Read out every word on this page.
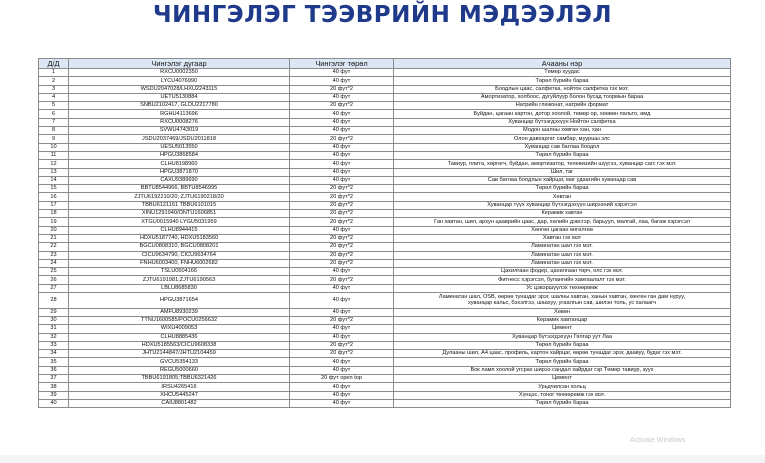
ЧИНГЭЛЭГ ТЭЭВРИЙН МЭДЭЭЛЭЛ
Д/Д	Чингэлэг дугаар	Чингэлэг төрөл	Ачааны нэр
1	RXCU0002350	40 фут	Төмөр хуудас
2	LYCU4076990	40 фут	Төрөл бүрийн бараа
3	WSDU2047028/LHXU2243115	20 фут*2	Боодлын цаас, салфетка, нойтон салфетка гэх мэт.
4	UETU5130884	40 фут	Амортизатор, холбоос, дугуйлуур болон бусад тоормын бараа
5	SNBU2102417, GLDU2217780	20 фут*2	Натрийн глюконат, натрийн формат
6	RGHU4113696	40 фут	Буйдан, цагаан картон, дотор хоолой, төмөр ор, хөөвөн пальто, өмд
7	RXCU0008276	40 фут	Хуванцар бүтээгдэхүүн Нойтон салфетка
8	SVWU4743019	40 фут	Модон шалны хөвгөн хан, хан
9	JSDU2037469/JSDU2011818	20 фут*2	Олон давхаргат самбар, мууршы элс
10	UESU5013550	40 фут	Хуванцар сав баглаа боодол
11	HPGU3868584	40 фут	Төрөл бүрийн бараа
12	CLHU8198960	40 фут	Тавиур, плита, хөргөгч, буйдан, амортизатор, телевизийн шүүгээ, хуванцар сагс гэх мэт.
13	HPGU3871870	40 фут	Шил, таг
14	CAXU9389690	40 фут	Сав баглаа боодлын хайрцаг, маг удаагийн хуванцар сав
15	BBTU8544966, BBTU8546995	20 фут*2	Төрөл бүрийн бараа
16	ZJTU6192210/20; ZJTU6190218/20	20 фут*2	Хөвтан
17	TBBU6121161 TBBU6101015	20 фут*2	Хуванцар түүх хуванцар бүтээгдэхүүн ширээний хэрэгсэл
18	XINU1291940/ONTU1606851	20 фут*2	Керамик хавтан
19	XTGU0015940 LYGU5031959	20 фут*2	Ган хавтан, шил, архун цааврийн цаас, дар, хөлийн дэвсгэр, барьуул, малгай, лаа, багаж хэрэгсэл
20	CLHU8944415	40 фут	Хөнгөн цагаан өнгөлгөө
21	HDXU5187740, HDXU5183560	20 фут*2	Хавтан гэх мэт
22	BGCU0808310, BGCU0808201	20 фут*2	Ламинатан шал гэх мэт.
23	CICU9634790, CICU9634764	20 фут*2	Ламинатан шал гэх мэт.
24	FNHU6003400, FNHU6002682	20 фут*2	Ламинатан шал гэх мэт.
25	TSLU0504166	40 фут	Цахилгаан фодер, цахилгаан төрч, олс гэх мэт.
26	ZJTU6191981;ZJTU6190563	20 фут*2	Фитнесс хэрэгсэл, булангийн хамгаалалт гэх мэт.
27	LBLU8685830	40 фут	Ус цэвэршүүлэх төхөөрөмж
28	HPGU3871654	40 фут	Ламинатан шал, OSB, өөрөө туншдаг эрэг, шалны хавтан, ханын хавтан, хөнгөн ган дам нуруу,
хуванцар кальс, бэхэлгээ, шаахуу, угаалгын сав, шилэн толь, ус халаагч

29	AMFU8930239	40 фут	Хөвөн
30	TTNU1600585/POCU0256632	20 фут*2	Керамик хавтанцар
31	WIXU4009053	40 фут	Цемент
32	CLHU8885436	40 фут	Хуванцар бүтээгдэхүүн Гялгар уут Лаа
33	HDXU5185563/CICU9608338	20 фут*2	Төрөл бүрийн бараа
34	JHTU2144847/JHTU2104459	20 фут*2	Дулааны шил, А4 цаас, профиль, картон хайрцаг, өөрөө туншдаг эрэг, даавуу, будаг гэх мэт.
35	GVCU5354133	40 фут	Төрөл бүрийн бараа
36	REGU5000660	40 фут	Вок ламп хоолой угсрах ширээ сандал хайрдаг гэр Төмөр тавиур, зуух
37	TBBU6191805;TBBU6321426	20 фут open top	Цемент
38	IRSU4265416	40 фут	Урьдчилсан хольц
39	XHCU5445247	40 фут	Хүнцэс, тоног төхөөрөмж гэх мэт.
40	CAIU8801482	40 фут	Төрөл бүрийн бараа
Activate Windows
